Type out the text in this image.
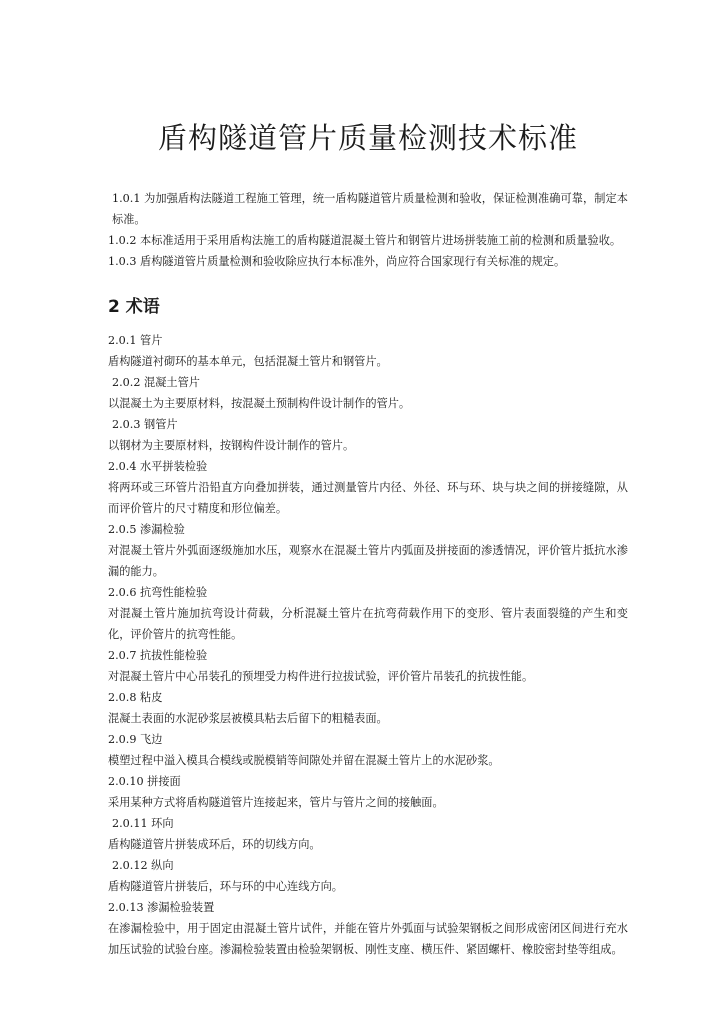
盾构隧道管片质量检测技术标准

1.0.1 为加强盾构法隧道工程施工管理，统一盾构隧道管片质量检测和验收，保证检测准确可靠，制定本标准。

1.0.2 本标准适用于采用盾构法施工的盾构隧道混凝土管片和钢管片进场拼装施工前的检测和质量验收。

1.0.3 盾构隧道管片质量检测和验收除应执行本标准外，尚应符合国家现行有关标准的规定。

2 术语

2.0.1 管片

盾构隧道衬砌环的基本单元，包括混凝土管片和钢管片。

2.0.2 混凝土管片

以混凝土为主要原材料，按混凝土预制构件设计制作的管片。

2.0.3 钢管片

以钢材为主要原材料，按钢构件设计制作的管片。

2.0.4 水平拼装检验

将两环或三环管片沿铅直方向叠加拼装，通过测量管片内径、外径、环与环、块与块之间的拼接缝隙，从而评价管片的尺寸精度和形位偏差。

2.0.5 渗漏检验

对混凝土管片外弧面逐级施加水压，观察水在混凝土管片内弧面及拼接面的渗透情况，评价管片抵抗水渗漏的能力。

2.0.6 抗弯性能检验

对混凝土管片施加抗弯设计荷载，分析混凝土管片在抗弯荷载作用下的变形、管片表面裂缝的产生和变化，评价管片的抗弯性能。

2.0.7 抗拔性能检验

对混凝土管片中心吊装孔的预埋受力构件进行拉拔试验，评价管片吊装孔的抗拔性能。

2.0.8 粘皮

混凝土表面的水泥砂浆层被模具粘去后留下的粗糙表面。

2.0.9 飞边

模塑过程中溢入模具合模线或脱模销等间隙处并留在混凝土管片上的水泥砂浆。

2.0.10 拼接面

采用某种方式将盾构隧道管片连接起来，管片与管片之间的接触面。

2.0.11 环向

盾构隧道管片拼装成环后，环的切线方向。

2.0.12 纵向

盾构隧道管片拼装后，环与环的中心连线方向。

2.0.13 渗漏检验装置

在渗漏检验中，用于固定由混凝土管片试件，并能在管片外弧面与试验架钢板之间形成密闭区间进行充水加压试验的试验台座。渗漏检验装置由检验架钢板、刚性支座、横压件、紧固螺杆、橡胶密封垫等组成。
